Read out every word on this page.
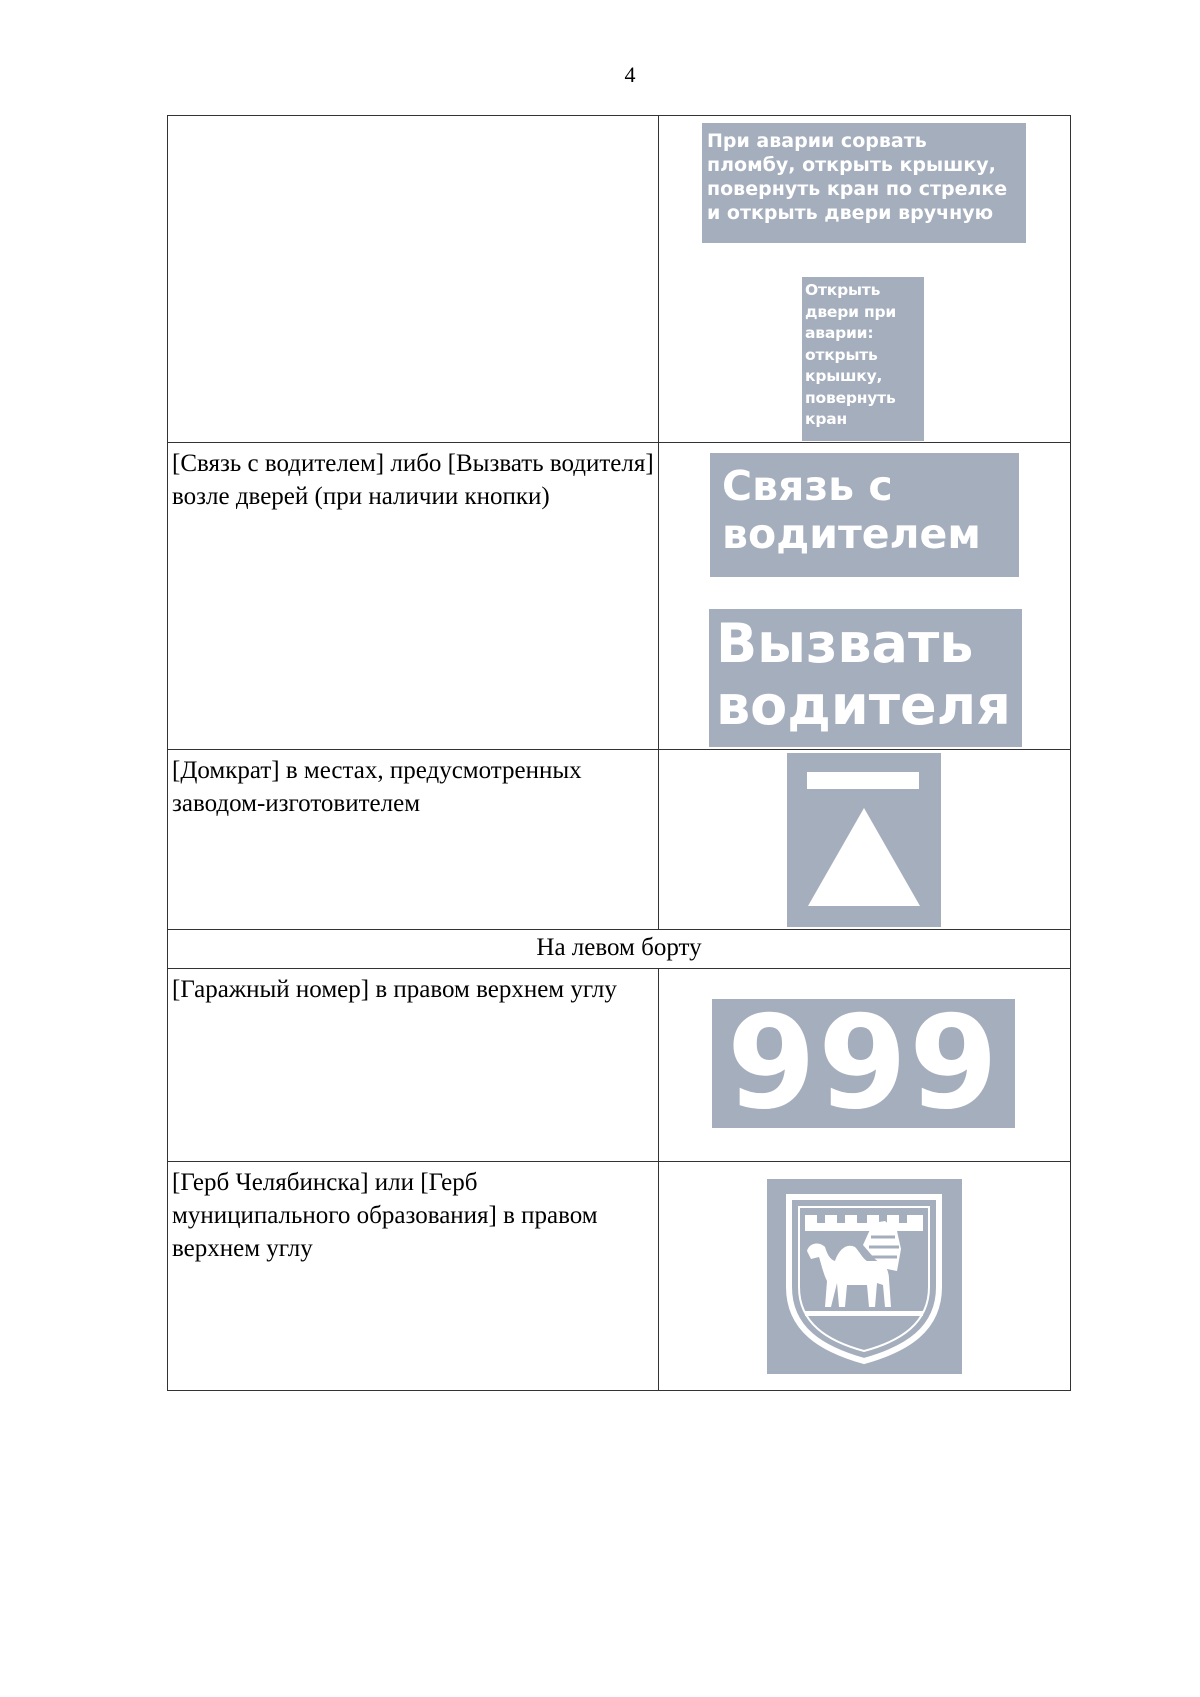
4

	При аварии сорвать пломбу, открыть крышку, повернуть кран по стрелке и открыть двери вручную
Открыть двери при аварии: открыть крышку, повернуть кран

[Связь с водителем] либо [Вызвать водителя] возле дверей (при наличии кнопки)	Связь с водителем
Вызвать водителя

[Домкрат] в местах, предусмотренных заводом-изготовителем	

На левом борту	
[Гаражный номер] в правом верхнем углу	999

[Герб Челябинска] или [Герб муниципального образования] в правом верхнем углу	
